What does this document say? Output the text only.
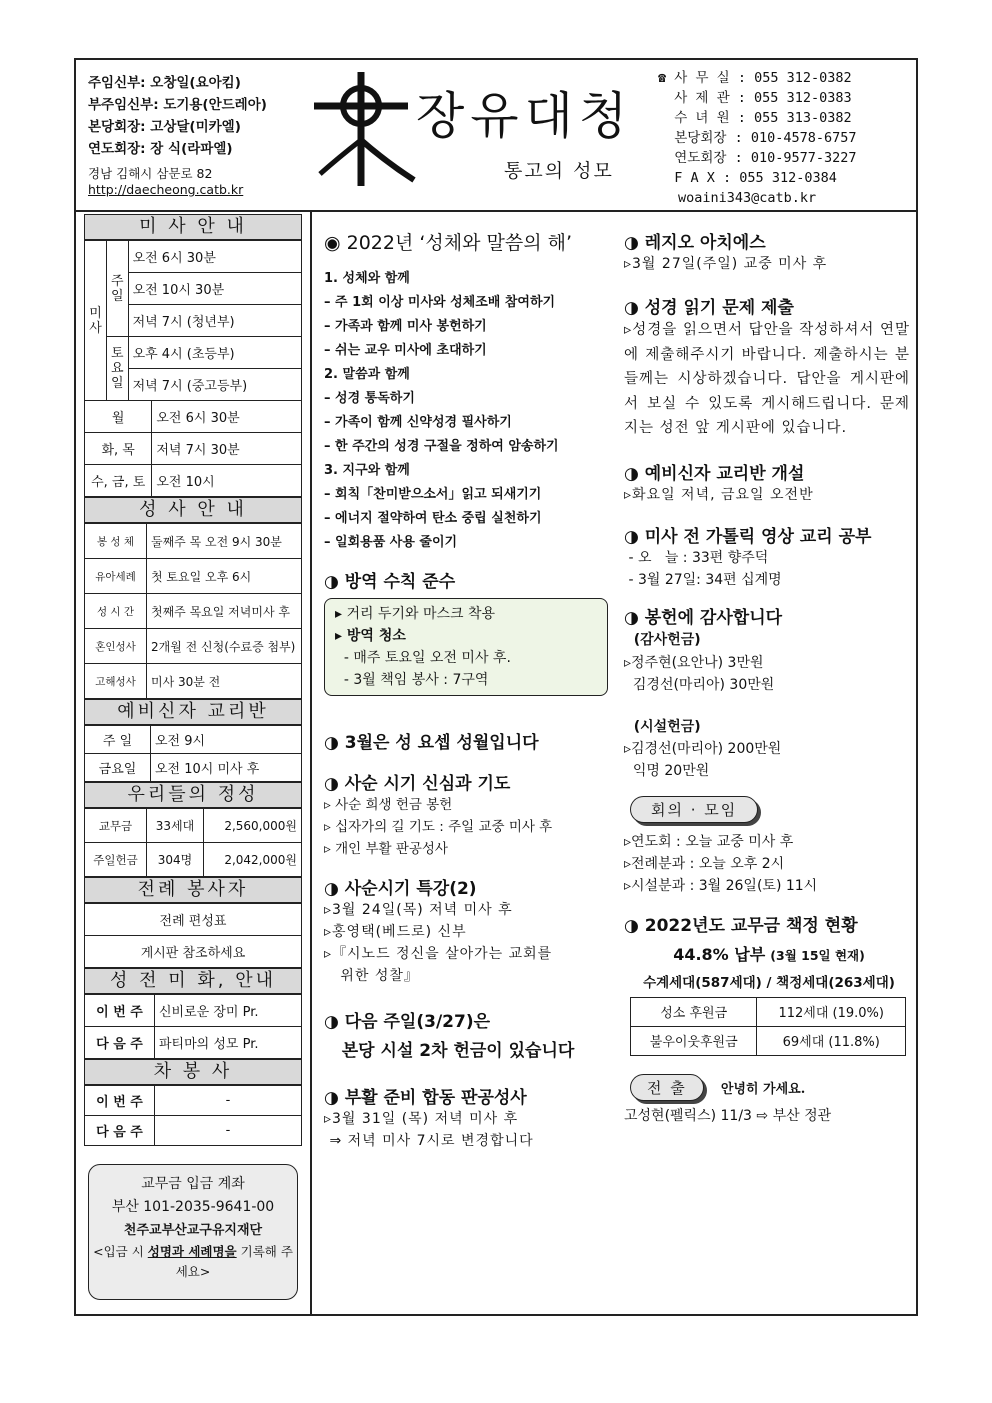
주임신부: 오창일(요아킴)
부주임신부: 도기용(안드레아)
본당회장: 고상달(미카엘)
연도회장: 장 식(라파엘)
경남 김해시 삼문로 82
http://daecheong.catb.kr
장유대청
통고의 성모
☎ 사 무 실 : 055 312-0382
사 제 관 : 055 312-0383
수 녀 원 : 055 313-0382
본당회장 : 010-4578-6757
연도회장 : 010-9577-3227
F A X : 055 312-0384
woaini343@catb.kr
미 사 안 내
미 사	주 일	오전 6시 30분	
		오전 10시 30분	
		저녁 7시 (청년부)	
	토 요 일	오후 4시 (초등부)	
		저녁 7시 (중고등부)	
월			오전 6시 30분
화, 목			저녁 7시 30분
수, 금, 토			오전 10시
성 사 안 내
봉 성 체	둘째주 목 오전 9시 30분
유아세례	첫 토요일 오후 6시
성 시 간	첫째주 목요일 저녁미사 후
혼인성사	2개월 전 신청(수료증 첨부)
고해성사	미사 30분 전
예비신자 교리반
주 일	오전 9시
금요일	오전 10시 미사 후
우리들의 정성
교무금	33세대	2,560,000원
주일헌금	304명	2,042,000원
전례 봉사자
전례 편성표
게시판 참조하세요
성 전 미 화, 안내
이 번 주	신비로운 장미 Pr.
다 음 주	파티마의 성모 Pr.
차 봉 사
이 번 주	-
다 음 주	-
교무금 입금 계좌
부산 101-2035-9641-00
천주교부산교구유지재단
<입금 시 성명과 세례명을 기록해 주세요>
◉ 2022년 ‘성체와 말씀의 해’
1. 성체와 함께
– 주 1회 이상 미사와 성체조배 참여하기
– 가족과 함께 미사 봉헌하기
– 쉬는 교우 미사에 초대하기
2. 말씀과 함께
– 성경 통독하기
– 가족이 함께 신약성경 필사하기
– 한 주간의 성경 구절을 정하여 암송하기
3. 지구와 함께
– 회칙「찬미받으소서」읽고 되새기기
– 에너지 절약하여 탄소 중립 실천하기
– 일회용품 사용 줄이기
◑ 방역 수칙 준수
▸ 거리 두기와 마스크 착용
▸ 방역 청소
- 매주 토요일 오전 미사 후.
- 3월 책임 봉사 : 7구역
◑ 3월은 성 요셉 성월입니다
◑ 사순 시기 신심과 기도
▹ 사순 희생 헌금 봉헌
▹ 십자가의 길 기도 : 주일 교중 미사 후
▹ 개인 부활 판공성사
◑ 사순시기 특강(2)
▹3월 24일(목) 저녁 미사 후
▹홍영택(베드로) 신부
▹『시노드 정신을 살아가는 교회를
위한 성찰』
◑ 다음 주일(3/27)은
본당 시설 2차 헌금이 있습니다
◑ 부활 준비 합동 판공성사
▹3월 31일 (목) 저녁 미사 후
⇒ 저녁 미사 7시로 변경합니다
◑ 레지오 아치에스
▹3월 27일(주일) 교중 미사 후
◑ 성경 읽기 문제 제출
▹성경을 읽으면서 답안을 작성하셔서 연말에 제출해주시기 바랍니다. 제출하시는 분들께는 시상하겠습니다. 답안을 게시판에서 보실 수 있도록 게시해드립니다. 문제지는 성전 앞 게시판에 있습니다.
◑ 예비신자 교리반 개설
▹화요일 저녁, 금요일 오전반
◑ 미사 전 가톨릭 영상 교리 공부
- 오   늘 : 33편 향주덕
- 3월 27일: 34편 십계명
◑ 봉헌에 감사합니다
(감사헌금)
▹정주현(요안나) 3만원
김경선(마리아) 30만원
(시설헌금)
▹김경선(마리아) 200만원
익명 20만원
회의 · 모임
▹연도회 : 오늘 교중 미사 후
▹전례분과 : 오늘 오후 2시
▹시설분과 : 3월 26일(토) 11시
◑ 2022년도 교무금 책정 현황
44.8% 납부 (3월 15일 현재)
수계세대(587세대) / 책정세대(263세대)
성소 후원금	112세대 (19.0%)
불우이웃후원금	69세대 (11.8%)
전 출	안녕히 가세요.
고성현(펠릭스) 11/3 ⇨ 부산 정관
